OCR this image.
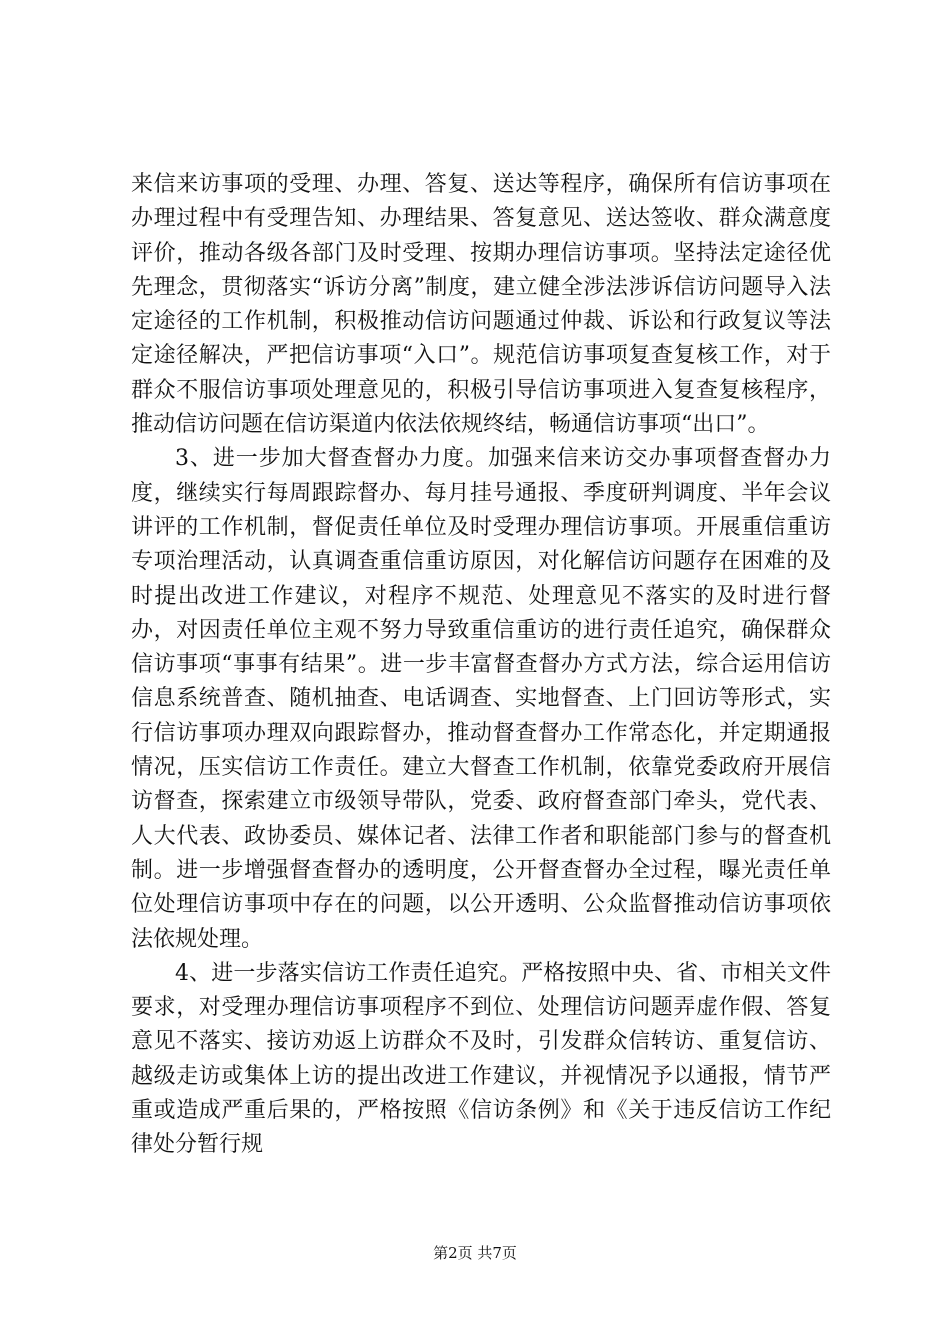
来信来访事项的受理、办理、答复、送达等程序，确保所有信访事项在办理过程中有受理告知、办理结果、答复意见、送达签收、群众满意度评价，推动各级各部门及时受理、按期办理信访事项。坚持法定途径优先理念，贯彻落实“诉访分离”制度，建立健全涉法涉诉信访问题导入法定途径的工作机制，积极推动信访问题通过仲裁、诉讼和行政复议等法定途径解决，严把信访事项“入口”。规范信访事项复查复核工作，对于群众不服信访事项处理意见的，积极引导信访事项进入复查复核程序，推动信访问题在信访渠道内依法依规终结，畅通信访事项“出口”。

3、进一步加大督查督办力度。加强来信来访交办事项督查督办力度，继续实行每周跟踪督办、每月挂号通报、季度研判调度、半年会议讲评的工作机制，督促责任单位及时受理办理信访事项。开展重信重访专项治理活动，认真调查重信重访原因，对化解信访问题存在困难的及时提出改进工作建议，对程序不规范、处理意见不落实的及时进行督办，对因责任单位主观不努力导致重信重访的进行责任追究，确保群众信访事项“事事有结果”。进一步丰富督查督办方式方法，综合运用信访信息系统普查、随机抽查、电话调查、实地督查、上门回访等形式，实行信访事项办理双向跟踪督办，推动督查督办工作常态化，并定期通报情况，压实信访工作责任。建立大督查工作机制，依靠党委政府开展信访督查，探索建立市级领导带队，党委、政府督查部门牵头，党代表、人大代表、政协委员、媒体记者、法律工作者和职能部门参与的督查机制。进一步增强督查督办的透明度，公开督查督办全过程，曝光责任单位处理信访事项中存在的问题，以公开透明、公众监督推动信访事项依法依规处理。

4、进一步落实信访工作责任追究。严格按照中央、省、市相关文件要求，对受理办理信访事项程序不到位、处理信访问题弄虚作假、答复意见不落实、接访劝返上访群众不及时，引发群众信转访、重复信访、越级走访或集体上访的提出改进工作建议，并视情况予以通报，情节严重或造成严重后果的，严格按照《信访条例》和《关于违反信访工作纪律处分暂行规

第2页 共7页
